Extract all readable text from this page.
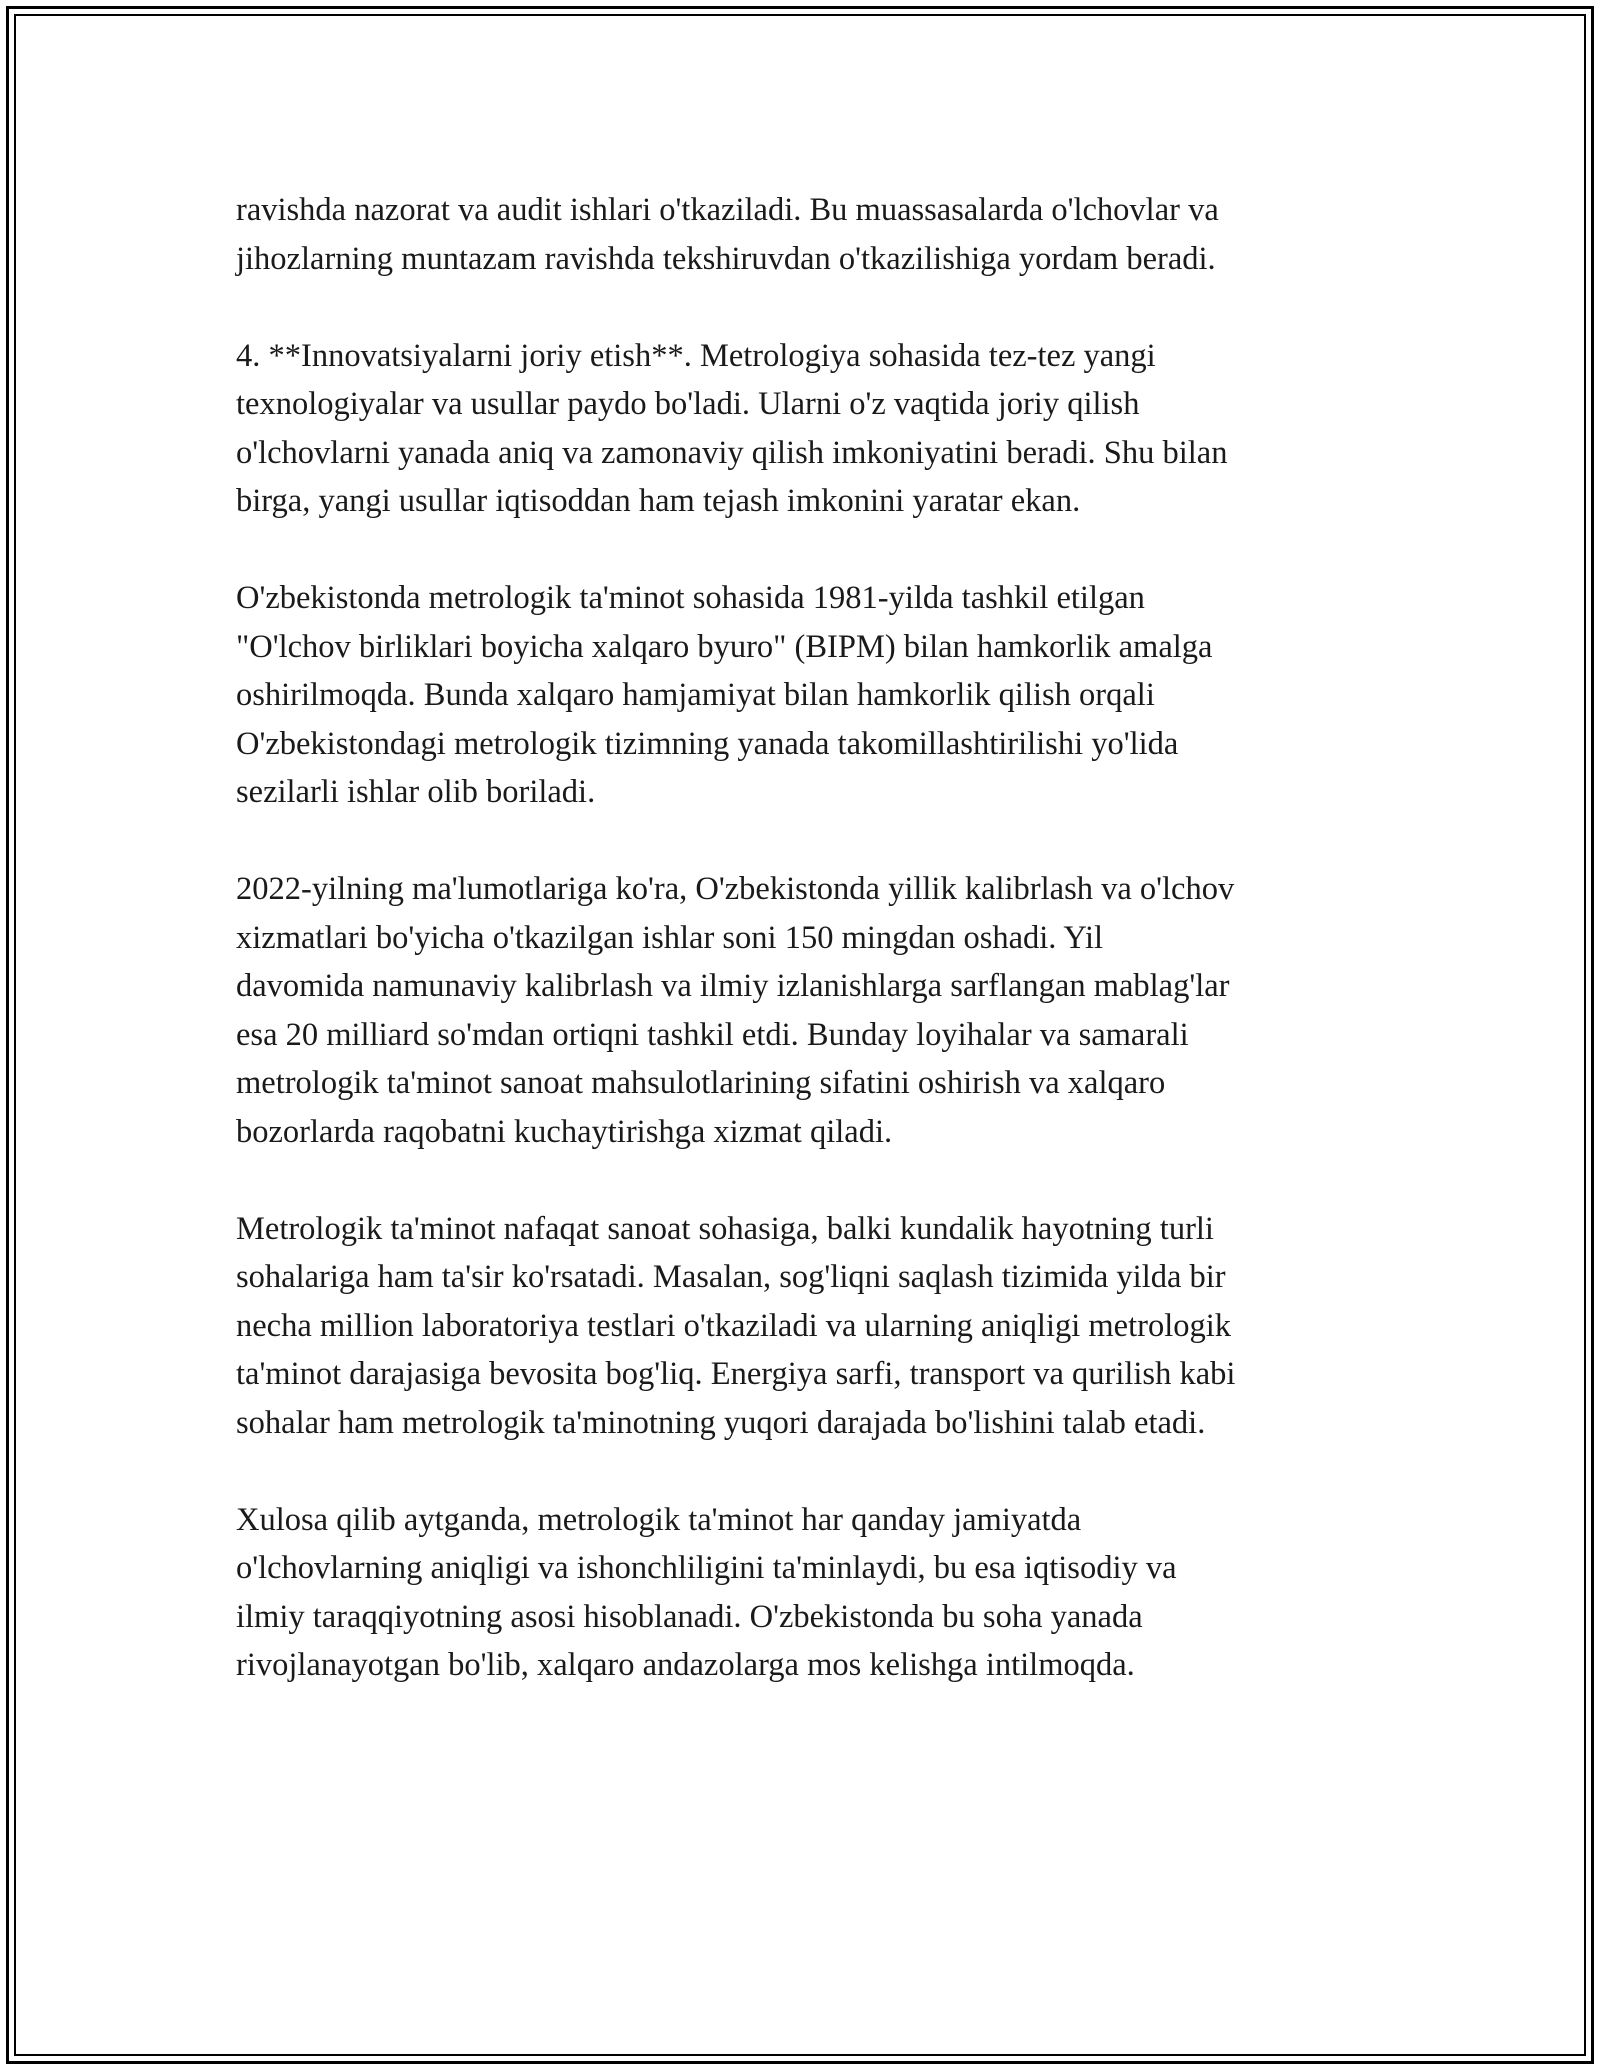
ravishda nazorat va audit ishlari o'tkaziladi. Bu muassasalarda o'lchovlar va
jihozlarning muntazam ravishda tekshiruvdan o'tkazilishiga yordam beradi.

4. **Innovatsiyalarni joriy etish**. Metrologiya sohasida tez-tez yangi
texnologiyalar va usullar paydo bo'ladi. Ularni o'z vaqtida joriy qilish
o'lchovlarni yanada aniq va zamonaviy qilish imkoniyatini beradi. Shu bilan
birga, yangi usullar iqtisoddan ham tejash imkonini yaratar ekan.

O'zbekistonda metrologik ta'minot sohasida 1981-yilda tashkil etilgan
"O'lchov birliklari boyicha xalqaro byuro" (BIPM) bilan hamkorlik amalga
oshirilmoqda. Bunda xalqaro hamjamiyat bilan hamkorlik qilish orqali
O'zbekistondagi metrologik tizimning yanada takomillashtirilishi yo'lida
sezilarli ishlar olib boriladi.

2022-yilning ma'lumotlariga ko'ra, O'zbekistonda yillik kalibrlash va o'lchov
xizmatlari bo'yicha o'tkazilgan ishlar soni 150 mingdan oshadi. Yil
davomida namunaviy kalibrlash va ilmiy izlanishlarga sarflangan mablag'lar
esa 20 milliard so'mdan ortiqni tashkil etdi. Bunday loyihalar va samarali
metrologik ta'minot sanoat mahsulotlarining sifatini oshirish va xalqaro
bozorlarda raqobatni kuchaytirishga xizmat qiladi.

Metrologik ta'minot nafaqat sanoat sohasiga, balki kundalik hayotning turli
sohalariga ham ta'sir ko'rsatadi. Masalan, sog'liqni saqlash tizimida yilda bir
necha million laboratoriya testlari o'tkaziladi va ularning aniqligi metrologik
ta'minot darajasiga bevosita bog'liq. Energiya sarfi, transport va qurilish kabi
sohalar ham metrologik ta'minotning yuqori darajada bo'lishini talab etadi.

Xulosa qilib aytganda, metrologik ta'minot har qanday jamiyatda
o'lchovlarning aniqligi va ishonchliligini ta'minlaydi, bu esa iqtisodiy va
ilmiy taraqqiyotning asosi hisoblanadi. O'zbekistonda bu soha yanada
rivojlanayotgan bo'lib, xalqaro andazolarga mos kelishga intilmoqda.
